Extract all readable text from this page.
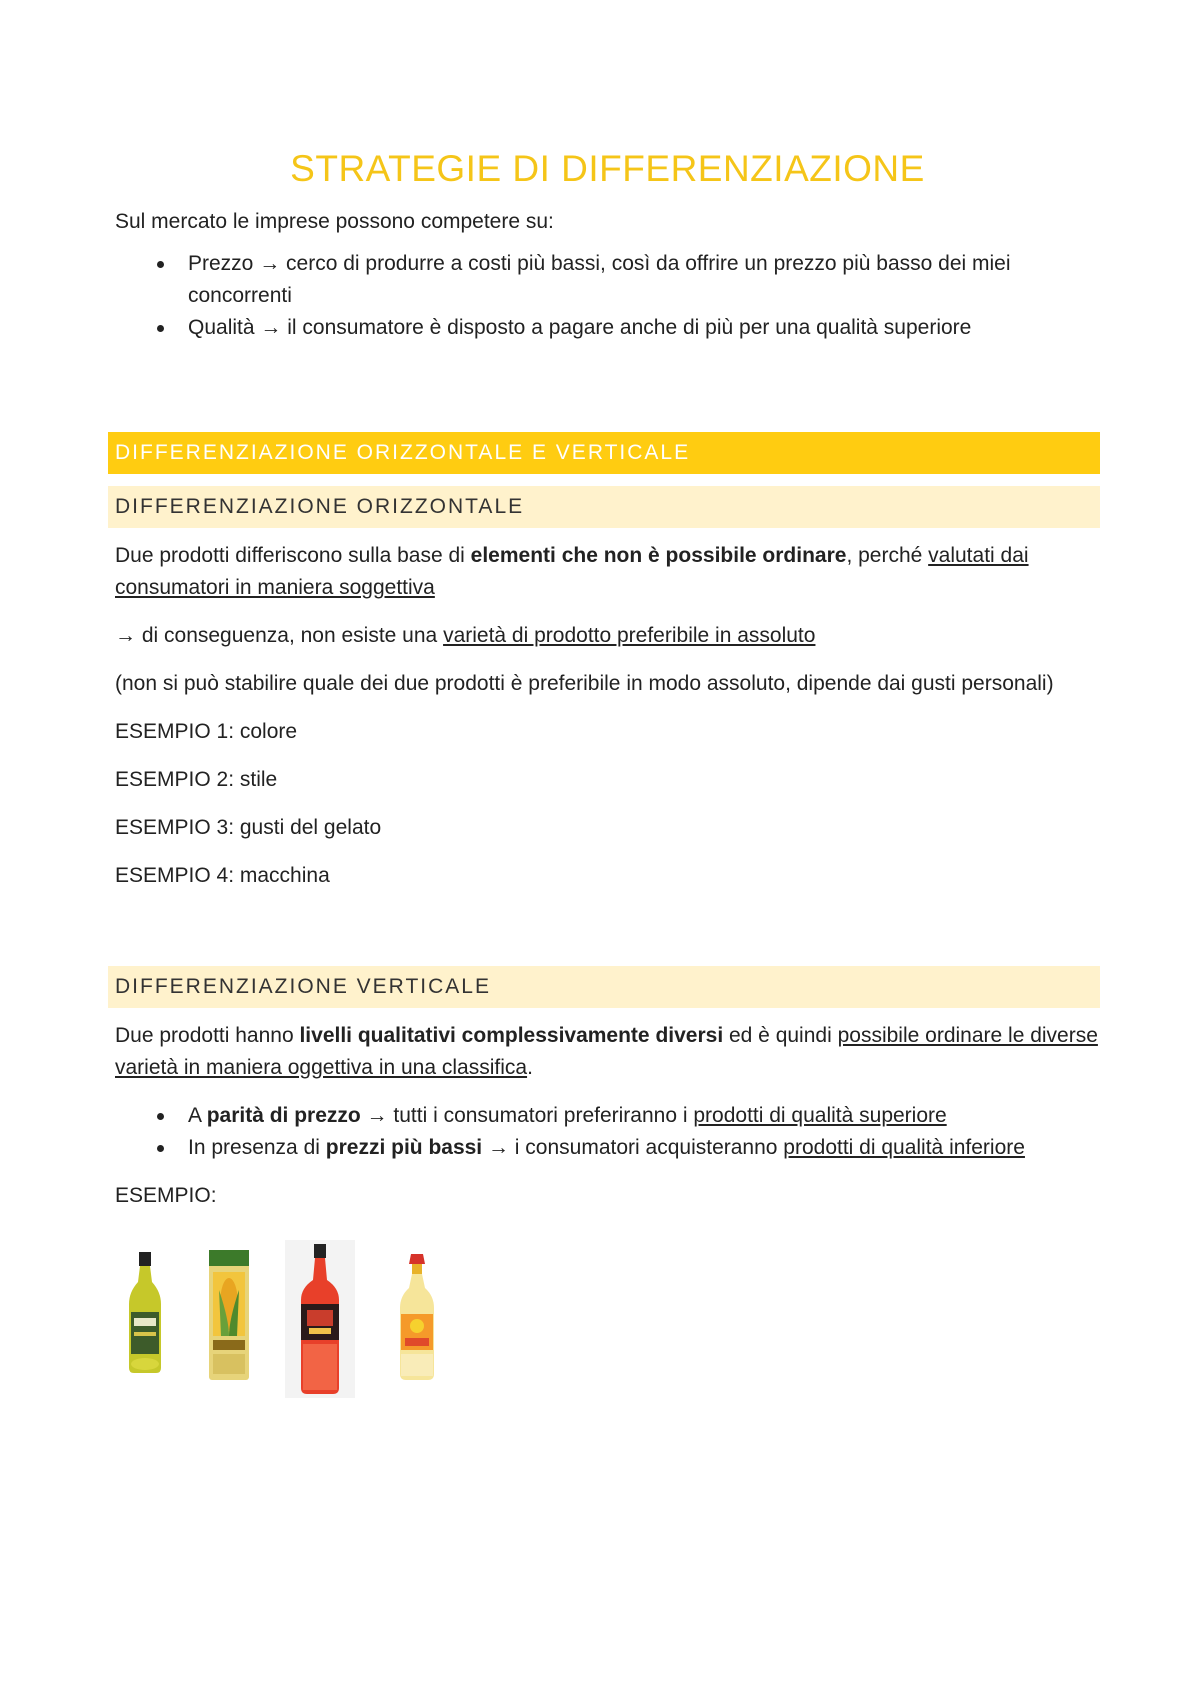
STRATEGIE DI DIFFERENZIAZIONE

Sul mercato le imprese possono competere su:

Prezzo → cerco di produrre a costi più bassi, così da offrire un prezzo più basso dei miei concorrenti
Qualità → il consumatore è disposto a pagare anche di più per una qualità superiore
DIFFERENZIAZIONE ORIZZONTALE E VERTICALE
DIFFERENZIAZIONE ORIZZONTALE

Due prodotti differiscono sulla base di elementi che non è possibile ordinare, perché valutati dai consumatori in maniera soggettiva

→ di conseguenza, non esiste una varietà di prodotto preferibile in assoluto

(non si può stabilire quale dei due prodotti è preferibile in modo assoluto, dipende dai gusti personali)

ESEMPIO 1: colore

ESEMPIO 2: stile

ESEMPIO 3: gusti del gelato

ESEMPIO 4: macchina

DIFFERENZIAZIONE VERTICALE

Due prodotti hanno livelli qualitativi complessivamente diversi ed è quindi possibile ordinare le diverse varietà in maniera oggettiva in una classifica.

A parità di prezzo → tutti i consumatori preferiranno i prodotti di qualità superiore
In presenza di prezzi più bassi → i consumatori acquisteranno prodotti di qualità inferiore

ESEMPIO:
